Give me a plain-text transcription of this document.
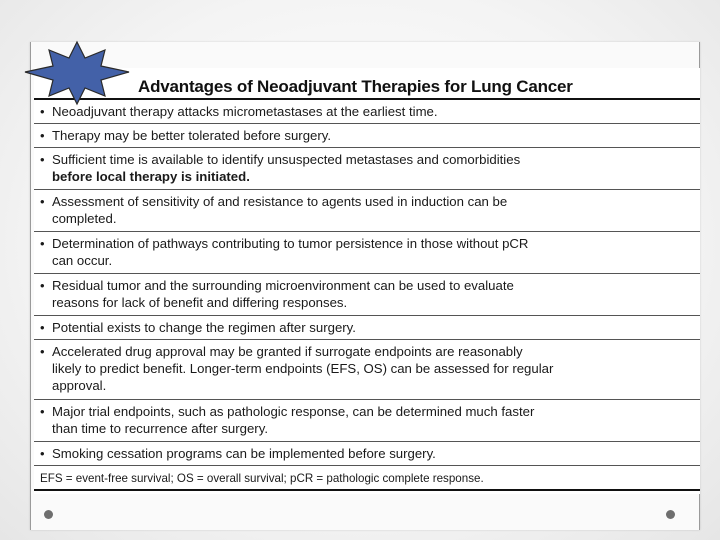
Advantages of Neoadjuvant Therapies for Lung Cancer
• Neoadjuvant therapy attacks micrometastases at the earliest time.
• Therapy may be better tolerated before surgery.
• Sufficient time is available to identify unsuspected metastases and comorbidities
before local therapy is initiated.
• Assessment of sensitivity of and resistance to agents used in induction can be
completed.
• Determination of pathways contributing to tumor persistence in those without pCR
can occur.
• Residual tumor and the surrounding microenvironment can be used to evaluate
reasons for lack of benefit and differing responses.
• Potential exists to change the regimen after surgery.
• Accelerated drug approval may be granted if surrogate endpoints are reasonably
likely to predict benefit. Longer-term endpoints (EFS, OS) can be assessed for regular
approval.
• Major trial endpoints, such as pathologic response, can be determined much faster
than time to recurrence after surgery.
• Smoking cessation programs can be implemented before surgery.
EFS = event-free survival; OS = overall survival; pCR = pathologic complete response.
